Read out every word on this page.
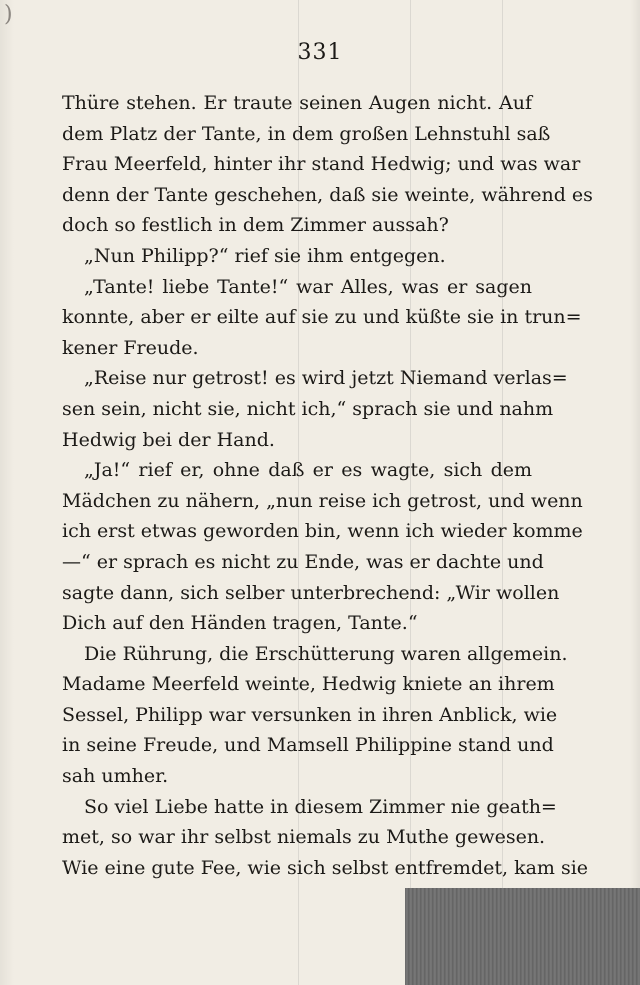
)
331
Thüre stehen. Er traute seinen Augen nicht. Auf
dem Platz der Tante, in dem großen Lehnstuhl saß
Frau Meerfeld, hinter ihr stand Hedwig; und was war
denn der Tante geschehen, daß sie weinte, während es
doch so festlich in dem Zimmer aussah?
„Nun Philipp?“ rief sie ihm entgegen.
„Tante! liebe Tante!“ war Alles, was er sagen
konnte, aber er eilte auf sie zu und küßte sie in trun=
kener Freude.
„Reise nur getrost! es wird jetzt Niemand verlas=
sen sein, nicht sie, nicht ich,“ sprach sie und nahm
Hedwig bei der Hand.
„Ja!“ rief er, ohne daß er es wagte, sich dem
Mädchen zu nähern, „nun reise ich getrost, und wenn
ich erst etwas geworden bin, wenn ich wieder komme
—“ er sprach es nicht zu Ende, was er dachte und
sagte dann, sich selber unterbrechend: „Wir wollen
Dich auf den Händen tragen, Tante.“
Die Rührung, die Erschütterung waren allgemein.
Madame Meerfeld weinte, Hedwig kniete an ihrem
Sessel, Philipp war versunken in ihren Anblick, wie
in seine Freude, und Mamsell Philippine stand und
sah umher.
So viel Liebe hatte in diesem Zimmer nie geath=
met, so war ihr selbst niemals zu Muthe gewesen.
Wie eine gute Fee, wie sich selbst entfremdet, kam sie
